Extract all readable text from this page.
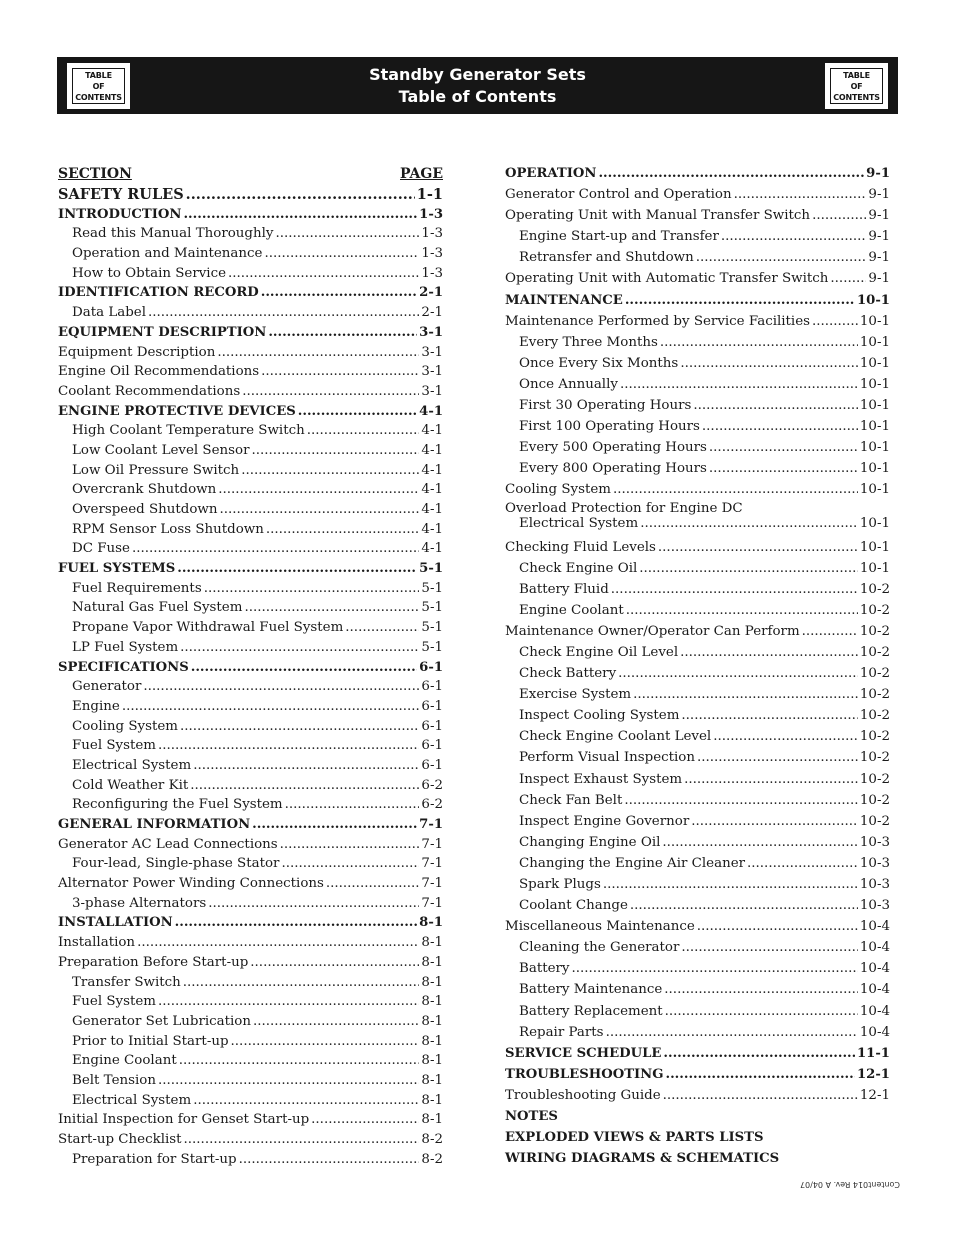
TABLE
OF
CONTENTS
Standby Generator Sets
Table of Contents
TABLE
OF
CONTENTS
SECTION	PAGE
SAFETY RULES .....	1-1
INTRODUCTION .....	1-3
Read this Manual Thoroughly .....	1-3
Operation and Maintenance .....	1-3
How to Obtain Service .....	1-3
IDENTIFICATION RECORD .....	2-1
Data Label .....	2-1
EQUIPMENT DESCRIPTION .....	3-1
Equipment Description .....	3-1
Engine Oil Recommendations .....	3-1
Coolant Recommendations .....	3-1
ENGINE PROTECTIVE DEVICES .....	4-1
High Coolant Temperature Switch .....	4-1
Low Coolant Level Sensor .....	4-1
Low Oil Pressure Switch .....	4-1
Overcrank Shutdown .....	4-1
Overspeed Shutdown .....	4-1
RPM Sensor Loss Shutdown .....	4-1
DC Fuse .....	4-1
FUEL SYSTEMS .....	5-1
Fuel Requirements .....	5-1
Natural Gas Fuel System .....	5-1
Propane Vapor Withdrawal Fuel System .....	5-1
LP Fuel System .....	5-1
SPECIFICATIONS .....	6-1
Generator .....	6-1
Engine .....	6-1
Cooling System .....	6-1
Fuel System .....	6-1
Electrical System .....	6-1
Cold Weather Kit .....	6-2
Reconfiguring the Fuel System .....	6-2
GENERAL INFORMATION .....	7-1
Generator AC Lead Connections .....	7-1
Four-lead, Single-phase Stator .....	7-1
Alternator Power Winding Connections .....	7-1
3-phase Alternators .....	7-1
INSTALLATION .....	8-1
Installation .....	8-1
Preparation Before Start-up .....	8-1
Transfer Switch .....	8-1
Fuel System .....	8-1
Generator Set Lubrication .....	8-1
Prior to Initial Start-up .....	8-1
Engine Coolant .....	8-1
Belt Tension .....	8-1
Electrical System .....	8-1
Initial Inspection for Genset Start-up .....	8-1
Start-up Checklist .....	8-2
Preparation for Start-up .....	8-2
OPERATION .....	9-1
Generator Control and Operation .....	9-1
Operating Unit with Manual Transfer Switch .....	9-1
Engine Start-up and Transfer .....	9-1
Retransfer and Shutdown .....	9-1
Operating Unit with Automatic Transfer Switch .....	9-1
MAINTENANCE .....	10-1
Maintenance Performed by Service Facilities .....	10-1
Every Three Months .....	10-1
Once Every Six Months .....	10-1
Once Annually .....	10-1
First 30 Operating Hours .....	10-1
First 100 Operating Hours .....	10-1
Every 500 Operating Hours .....	10-1
Every 800 Operating Hours .....	10-1
Cooling System .....	10-1
Overload Protection for Engine DC
Electrical System .....	10-1
Checking Fluid Levels .....	10-1
Check Engine Oil .....	10-1
Battery Fluid .....	10-2
Engine Coolant .....	10-2
Maintenance Owner/Operator Can Perform .....	10-2
Check Engine Oil Level .....	10-2
Check Battery .....	10-2
Exercise System .....	10-2
Inspect Cooling System .....	10-2
Check Engine Coolant Level .....	10-2
Perform Visual Inspection .....	10-2
Inspect Exhaust System .....	10-2
Check Fan Belt .....	10-2
Inspect Engine Governor .....	10-2
Changing Engine Oil .....	10-3
Changing the Engine Air Cleaner .....	10-3
Spark Plugs .....	10-3
Coolant Change .....	10-3
Miscellaneous Maintenance .....	10-4
Cleaning the Generator .....	10-4
Battery .....	10-4
Battery Maintenance .....	10-4
Battery Replacement .....	10-4
Repair Parts .....	10-4
SERVICE SCHEDULE .....	11-1
TROUBLESHOOTING .....	12-1
Troubleshooting Guide .....	12-1
NOTES
EXPLODED VIEWS & PARTS LISTS
WIRING DIAGRAMS & SCHEMATICS
Content014 Rev. A 04/07
